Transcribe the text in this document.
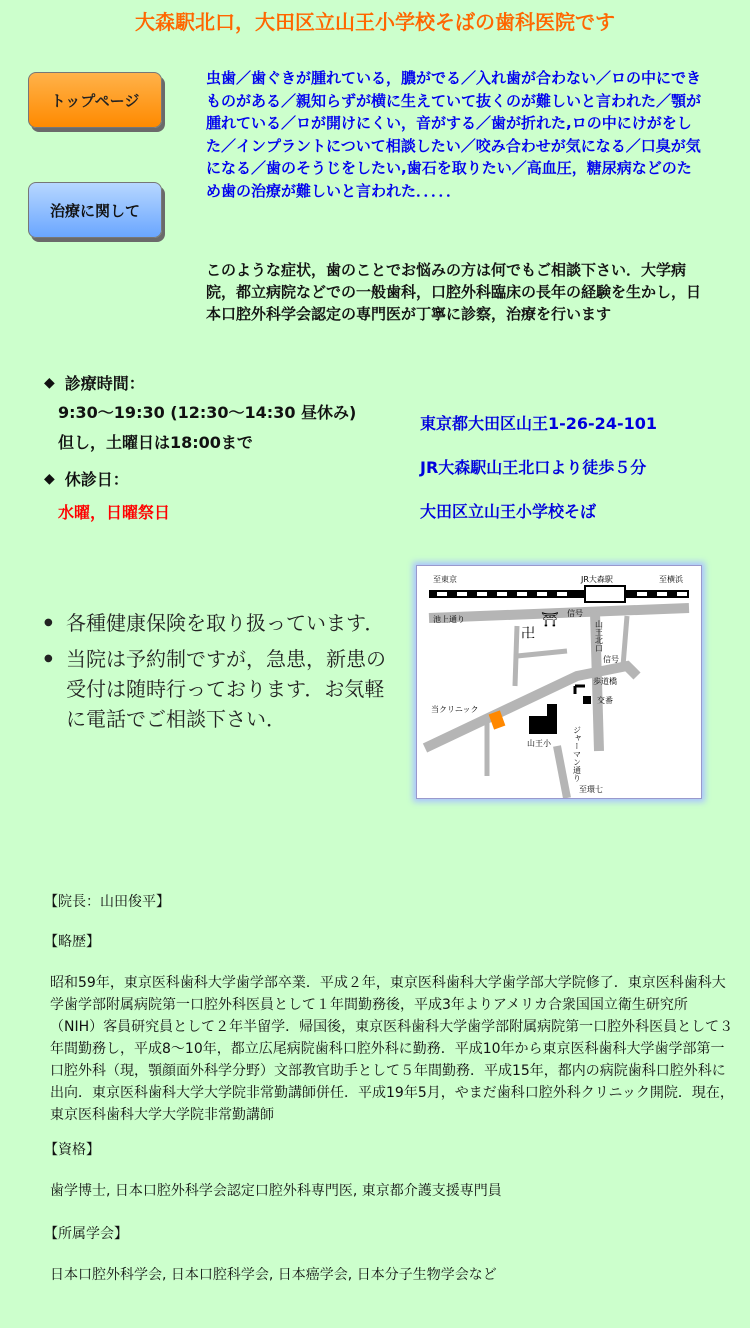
大森駅北口，大田区立山王小学校そばの歯科医院です
トップページ
治療に関して
虫歯／歯ぐきが腫れている，膿がでる／入れ歯が合わない／ロの中にできものがある／親知らずが横に生えていて抜くのが難しいと言われた／顎が腫れている／ロが開けにくい，音がする／歯が折れた,ロの中にけがをした／インプラントについて相談したい／咬み合わせが気になる／口臭が気になる／歯のそうじをしたい,歯石を取りたい／高血圧，糖尿病などのため歯の治療が難しいと言われた．．．．．
このような症状，歯のことでお悩みの方は何でもご相談下さい．大学病院，都立病院などでの一般歯科，口腔外科臨床の長年の経験を生かし，日本口腔外科学会認定の専門医が丁寧に診察，治療を行います
◆ 診療時間：
9:30～19:30 (12:30～14:30 昼休み)
但し，土曜日は18:00まで
◆ 休診日：
水曜，日曜祭日
東京都大田区山王1-26-24-101
JR大森駅山王北口より徒歩５分
大田区立山王小学校そば
卍
⛩
至東京	JR大森駅	至横浜
池上通り
信号
信号
歩道橋
交番
当クリニック
山王小
至環七
山王北口
ジャーマン通り
● 各種健康保険を取り扱っています．
● 当院は予約制ですが，急患，新患の受付は随時行っております．お気軽に電話でご相談下さい．
【院長：山田俊平】
【略歴】
昭和59年，東京医科歯科大学歯学部卒業．平成２年，東京医科歯科大学歯学部大学院修了．東京医科歯科大学歯学部附属病院第一口腔外科医員として１年間勤務後，平成3年よりアメリカ合衆国国立衛生研究所（NIH）客員研究員として２年半留学．帰国後，東京医科歯科大学歯学部附属病院第一口腔外科医員として３年間勤務し，平成8～10年，都立広尾病院歯科口腔外科に勤務．平成10年から東京医科歯科大学歯学部第一口腔外科（現，顎顔面外科学分野）文部教官助手として５年間勤務．平成15年，都内の病院歯科口腔外科に出向．東京医科歯科大学大学院非常勤講師併任．平成19年5月，やまだ歯科口腔外科クリニック開院．現在，東京医科歯科大学大学院非常勤講師
【資格】
歯学博士, 日本口腔外科学会認定口腔外科専門医, 東京都介護支援専門員
【所属学会】
日本口腔外科学会, 日本口腔科学会, 日本癌学会, 日本分子生物学会など
